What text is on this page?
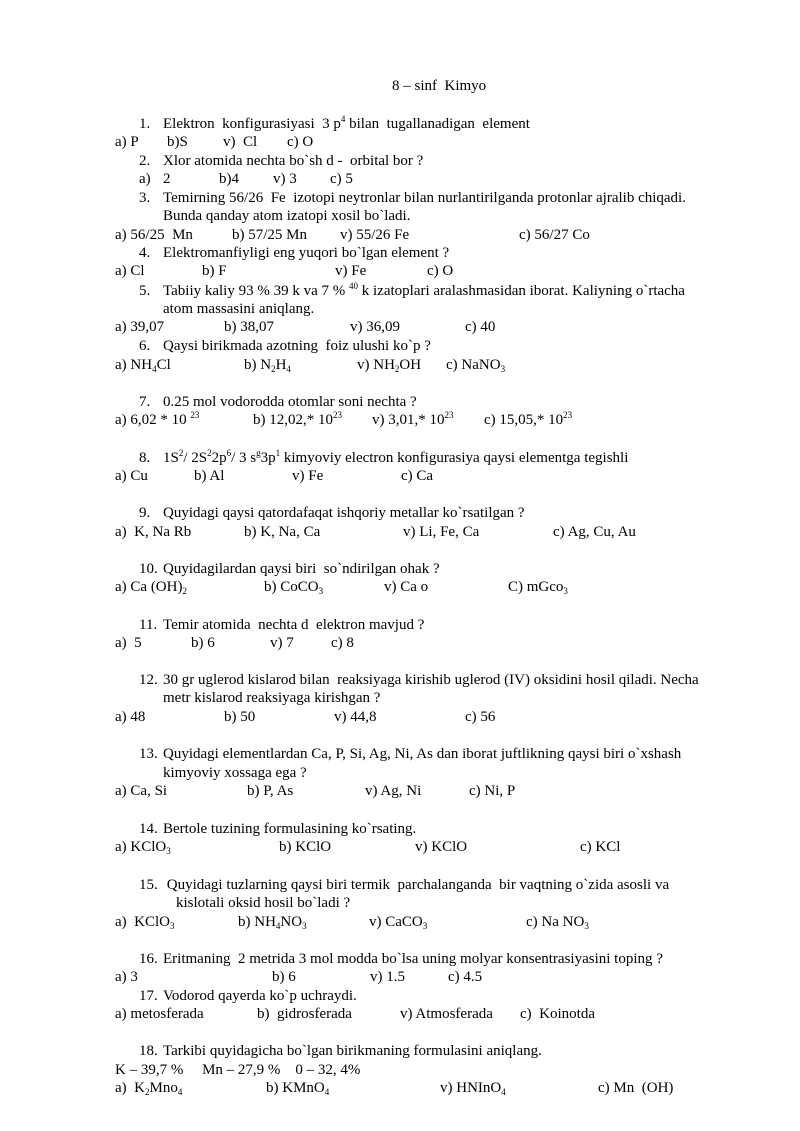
8 – sinf  Kimyo
1. Elektron  konfigurasiyasi  3 $p^4$ bilan  tugallanadigan  element
a) P b)S v)  Cl c) O
2. Xlor atomida nechta bo`sh d -  orbital bor ?
a) 2	b)4 v) 3 c) 5
3. Temirning 56/26  Fe  izotopi neytronlar bilan nurlantirilganda protonlar ajralib chiqadi.
Bunda qanday atom izatopi xosil bo`ladi.
a) 56/25  Mn	b) 57/25 Mn v) 55/26 Fe	c) 56/27 Co
4. Elektromanfiyligi eng yuqori bo`lgan element ?
a) Cl	b) F	v) Fe	c) O
5. Tabiiy kaliy 93 % 39 k va 7 % $^{40}$ k izatoplari aralashmasidan iborat. Kaliyning o`rtacha
atom massasini aniqlang.
a) 39,07	b) 38,07	v) 36,09	c) 40
6. Qaysi birikmada azotning  foiz ulushi ko`p ?
a) $NH_4Cl$	b) $N_2H_4$	v) $NH_2OH$ c) NaNO$_3$
7. 0.25 mol vodorodda otomlar soni nechta ?
a) 6,02 * 10 $^{23}$	b) 12,02,* $10^{23}$ v) 3,01,* $10^{23}$ c) 15,05,* $10^{23}$
8. $1S^2/$ $2S^22p^6/$ 3 $s^g3p^1$ kimyoviy electron konfigurasiya qaysi elementga tegishli
a) Cu	b) Al	v) Fe	c) Ca
9. Quyidagi qaysi qatordafaqat ishqoriy metallar ko`rsatilgan ?
a)  K, Na Rb	b) K, Na, Ca	v) Li, Fe, Ca	c) Ag, Cu, Au
10. Quyidagilardan qaysi biri  so`ndirilgan ohak ?
a) Ca $(OH)_2$	b) CoCO$_3$	v) Ca o	C) mGco$_3$
11. Temir atomida  nechta d  elektron mavjud ?
a)  5	b) 6	v) 7 c) 8
12. 30 gr uglerod kislarod bilan  reaksiyaga kirishib uglerod (IV) oksidini hosil qiladi. Necha
metr kislarod reaksiyaga kirishgan ?
a) 48	b) 50	v) 44,8	c) 56
13. Quyidagi elementlardan Ca, P, Si, Ag, Ni, As dan iborat juftlikning qaysi biri o`xshash
kimyoviy xossaga ega ?
a) Ca, Si	b) P, As	v) Ag, Ni	c) Ni, P
14. Bertole tuzining formulasining ko`rsating.
a) KClO$_3$	b) KClO	v) KClO	c) KCl
15. Quyidagi tuzlarning qaysi biri termik  parchalanganda  bir vaqtning o`zida asosli va
kislotali oksid hosil bo`ladi ?
a)  KClO$_3$	b) $NH_4NO_3$	v) CaCO$_3$	c) Na $NO_3$
16. Eritmaning  2 metrida 3 mol modda bo`lsa uning molyar konsentrasiyasini toping ?
a) 3	b) 6	v) 1.5	c) 4.5
17. Vodorod qayerda ko`p uchraydi.
a) metosferada	b)  gidrosferada	v) Atmosferada c)  Koinotda
18. Tarkibi quyidagicha bo`lgan birikmaning formulasini aniqlang.
K – 39,7 %     Mn – 27,9 %    0 – 32, 4%
a)  $K_2Mno_4$	b) KMnO$_4$	v) HNInO$_4$	c) Mn  (OH)
